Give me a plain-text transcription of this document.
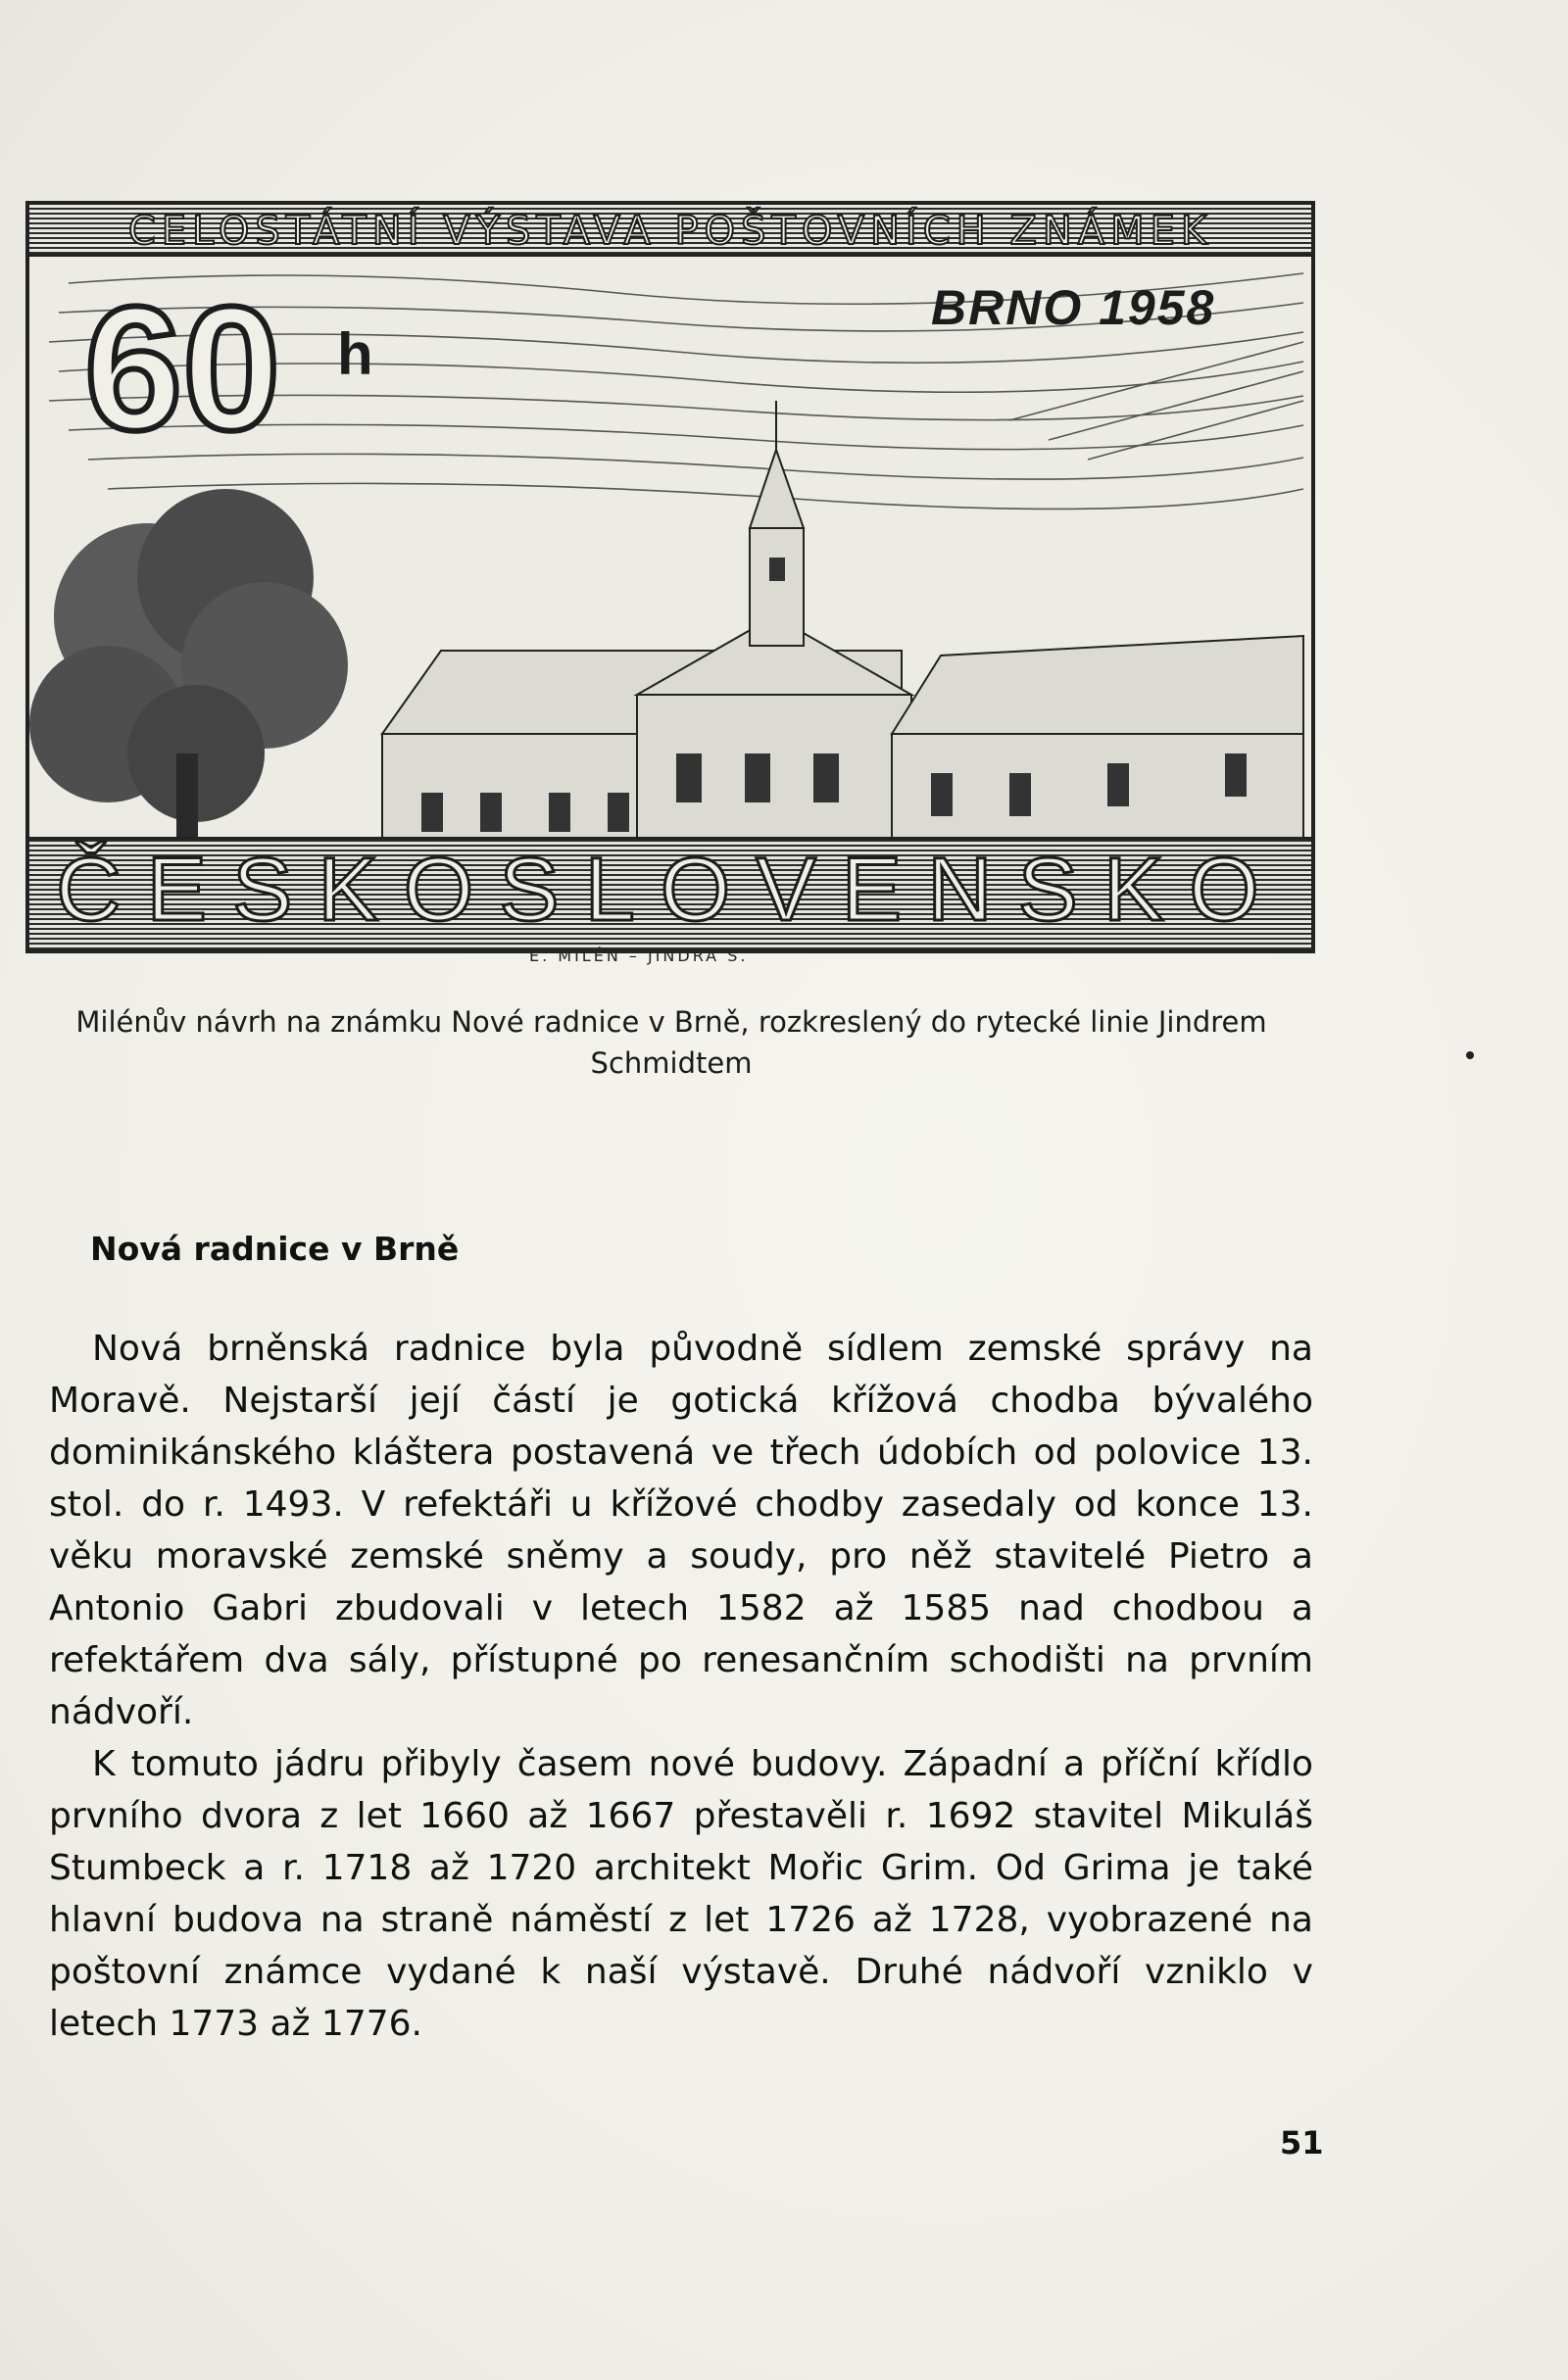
CELOSTÁTNÍ VÝSTAVA POŠTOVNÍCH ZNÁMEK
60 h
BRNO 1958
ČESKOSLOVENSKO
E. MILÉN – JINDRA S.
Milénův návrh na známku Nové radnice v Brně, rozkreslený do rytecké linie Jindrem Schmidtem
Nová radnice v Brně

Nová brněnská radnice byla původně sídlem zemské správy na Moravě. Nejstarší její částí je gotická křížová chodba bývalého dominikánského kláštera postavená ve třech údobích od polovice 13. stol. do r. 1493. V refektáři u křížové chodby zasedaly od konce 13. věku moravské zemské sněmy a soudy, pro něž stavitelé Pietro a Antonio Gabri zbudovali v letech 1582 až 1585 nad chodbou a refektářem dva sály, přístupné po renesančním schodišti na prvním nádvoří.

K tomuto jádru přibyly časem nové budovy. Západní a příční křídlo prvního dvora z let 1660 až 1667 přestavěli r. 1692 stavitel Mikuláš Stumbeck a r. 1718 až 1720 architekt Mořic Grim. Od Grima je také hlavní budova na straně náměstí z let 1726 až 1728, vyobrazené na poštovní známce vydané k naší výstavě. Druhé nádvoří vzniklo v letech 1773 až 1776.

51
